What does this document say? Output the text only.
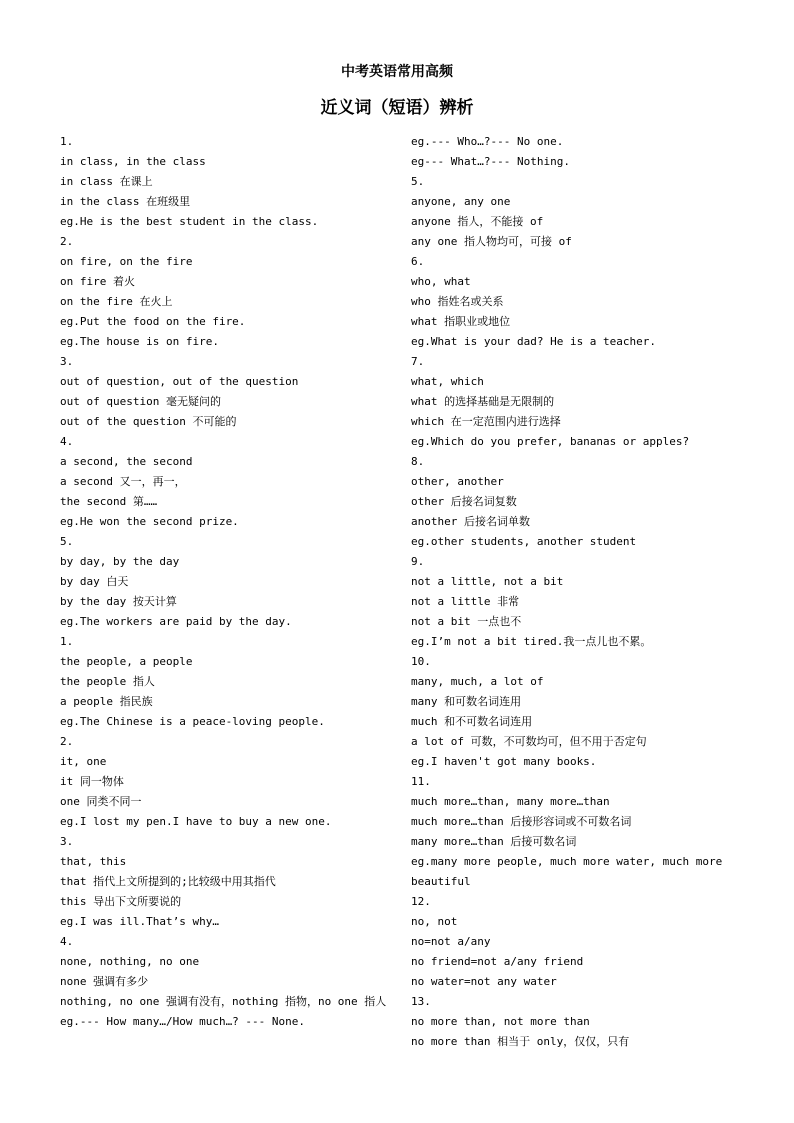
中考英语常用高频
近义词（短语）辨析
1.
in class, in the class
in class 在课上
in the class 在班级里
eg.He is the best student in the class.
2.
on fire, on the fire
on fire 着火
on the fire 在火上
eg.Put the food on the fire.
eg.The house is on fire.
3.
out of question, out of the question
out of question 毫无疑问的
out of the question 不可能的
4.
a second, the second
a second 又一，再一，
the second 第……
eg.He won the second prize.
5.
by day, by the day
by day 白天
by the day 按天计算
eg.The workers are paid by the day.
1.
the people, a people
the people 指人
a people 指民族
eg.The Chinese is a peace-loving people.
2.
it, one
it 同一物体
one 同类不同一
eg.I lost my pen.I have to buy a new one.
3.
that, this
that 指代上文所提到的;比较级中用其指代
this 导出下文所要说的
eg.I was ill.That’s why…
4.
none, nothing, no one
none 强调有多少
nothing, no one 强调有没有，nothing 指物，no one 指人
eg.--- How many…/How much…? --- None.
eg.--- Who…?--- No one.
eg--- What…?--- Nothing.
5.
anyone, any one
anyone 指人，不能接 of
any one 指人物均可，可接 of
6.
who, what
who 指姓名或关系
what 指职业或地位
eg.What is your dad? He is a teacher.
7.
what, which
what 的选择基础是无限制的
which 在一定范围内进行选择
eg.Which do you prefer, bananas or apples?
8.
other, another
other 后接名词复数
another 后接名词单数
eg.other students, another student
9.
not a little, not a bit
not a little 非常
not a bit 一点也不
eg.I’m not a bit tired.我一点儿也不累。
10.
many, much, a lot of
many 和可数名词连用
much 和不可数名词连用
a lot of 可数，不可数均可，但不用于否定句
eg.I haven't got many books.
11.
much more…than, many more…than
much more…than 后接形容词或不可数名词
many more…than 后接可数名词
eg.many more people, much more water, much more beautiful
12.
no, not
no=not a/any
no friend=not a/any friend
no water=not any water
13.
no more than, not more than
no more than 相当于 only，仅仅，只有
